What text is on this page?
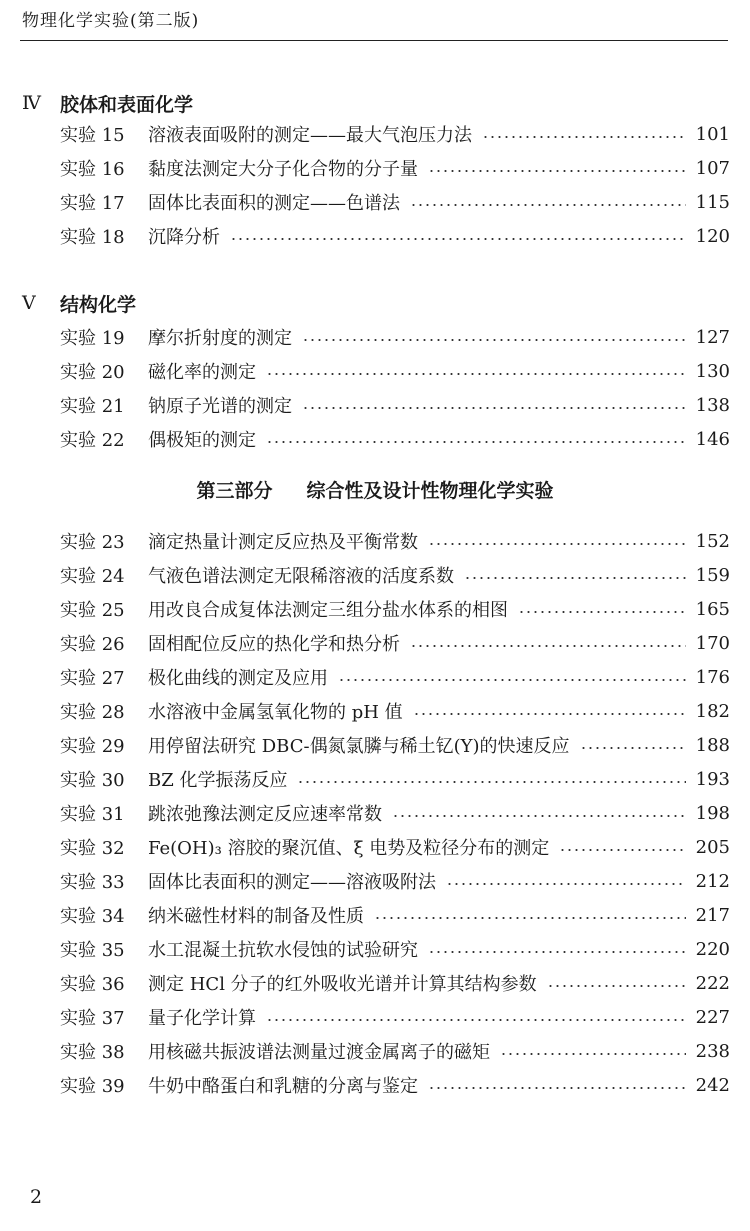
物理化学实验(第二版)
Ⅳ	胶体和表面化学
实验 15	溶液表面吸附的测定——最大气泡压力法	101
实验 16	黏度法测定大分子化合物的分子量	107
实验 17	固体比表面积的测定——色谱法	115
实验 18	沉降分析	120
Ⅴ	结构化学
实验 19	摩尔折射度的测定	127
实验 20	磁化率的测定	130
实验 21	钠原子光谱的测定	138
实验 22	偶极矩的测定	146
第三部分 综合性及设计性物理化学实验
实验 23	滴定热量计测定反应热及平衡常数	152
实验 24	气液色谱法测定无限稀溶液的活度系数	159
实验 25	用改良合成复体法测定三组分盐水体系的相图	165
实验 26	固相配位反应的热化学和热分析	170
实验 27	极化曲线的测定及应用	176
实验 28	水溶液中金属氢氧化物的 pH 值	182
实验 29	用停留法研究 DBC-偶氮氯膦与稀土钇(Y)的快速反应	188
实验 30	BZ 化学振荡反应	193
实验 31	跳浓弛豫法测定反应速率常数	198
实验 32	Fe(OH)₃ 溶胶的聚沉值、ξ 电势及粒径分布的测定	205
实验 33	固体比表面积的测定——溶液吸附法	212
实验 34	纳米磁性材料的制备及性质	217
实验 35	水工混凝土抗软水侵蚀的试验研究	220
实验 36	测定 HCl 分子的红外吸收光谱并计算其结构参数	222
实验 37	量子化学计算	227
实验 38	用核磁共振波谱法测量过渡金属离子的磁矩	238
实验 39	牛奶中酪蛋白和乳糖的分离与鉴定	242
2
